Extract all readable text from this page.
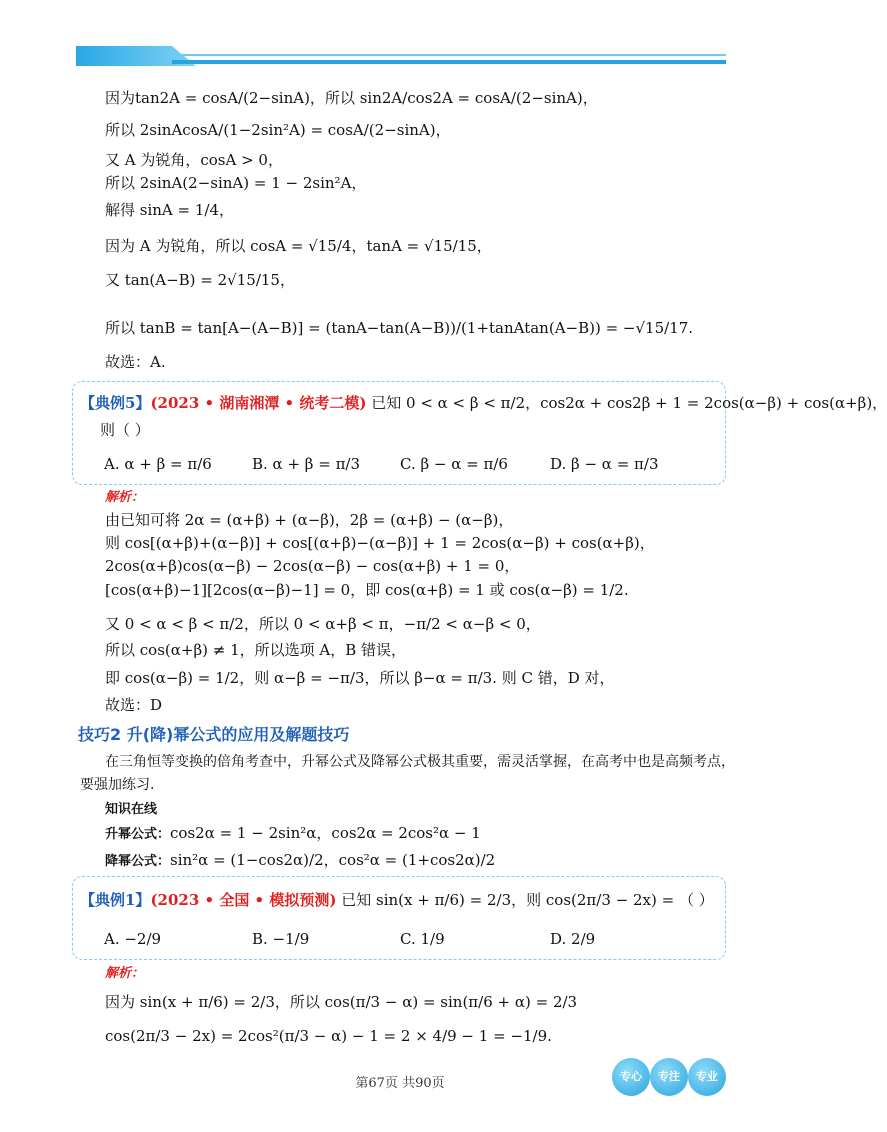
因为tan2A = cosA/(2−sinA)，所以 sin2A/cos2A = cosA/(2−sinA)，
所以 2sinAcosA/(1−2sin²A) = cosA/(2−sinA)，
又 A 为锐角，cosA > 0，
所以 2sinA(2−sinA) = 1 − 2sin²A，
解得 sinA = 1/4，
因为 A 为锐角，所以 cosA = √15/4，tanA = √15/15，
又 tan(A−B) = 2√15/15，
所以 tanB = tan[A−(A−B)] = (tanA−tan(A−B))/(1+tanAtan(A−B)) = −√15/17.
故选：A.
【典例5】(2023 • 湖南湘潭 • 统考二模) 已知 0 < α < β < π/2，cos2α + cos2β + 1 = 2cos(α−β) + cos(α+β)，
则（ ）
A. α + β = π/6	B. α + β = π/3	C. β − α = π/6	D. β − α = π/3
解析：
由已知可将 2α = (α+β) + (α−β)，2β = (α+β) − (α−β)，
则 cos[(α+β)+(α−β)] + cos[(α+β)−(α−β)] + 1 = 2cos(α−β) + cos(α+β)，
2cos(α+β)cos(α−β) − 2cos(α−β) − cos(α+β) + 1 = 0，
[cos(α+β)−1][2cos(α−β)−1] = 0，即 cos(α+β) = 1 或 cos(α−β) = 1/2.
又 0 < α < β < π/2，所以 0 < α+β < π，−π/2 < α−β < 0，
所以 cos(α+β) ≠ 1，所以选项 A，B 错误，
即 cos(α−β) = 1/2，则 α−β = −π/3，所以 β−α = π/3. 则 C 错，D 对，
故选：D
技巧2 升(降)幂公式的应用及解题技巧
在三角恒等变换的倍角考查中，升幂公式及降幂公式极其重要，需灵活掌握，在高考中也是高频考点，
要强加练习.
知识在线
升幂公式：cos2α = 1 − 2sin²α，cos2α = 2cos²α − 1
降幂公式：sin²α = (1−cos2α)/2，cos²α = (1+cos2α)/2
【典例1】(2023 • 全国 • 模拟预测) 已知 sin(x + π/6) = 2/3，则 cos(2π/3 − 2x) = （ ）
A. −2/9	B. −1/9	C. 1/9	D. 2/9
解析：
因为 sin(x + π/6) = 2/3，所以 cos(π/3 − α) = sin(π/6 + α) = 2/3
cos(2π/3 − 2x) = 2cos²(π/3 − α) − 1 = 2 × 4/9 − 1 = −1/9.
第67页 共90页	专心	专注	专业
